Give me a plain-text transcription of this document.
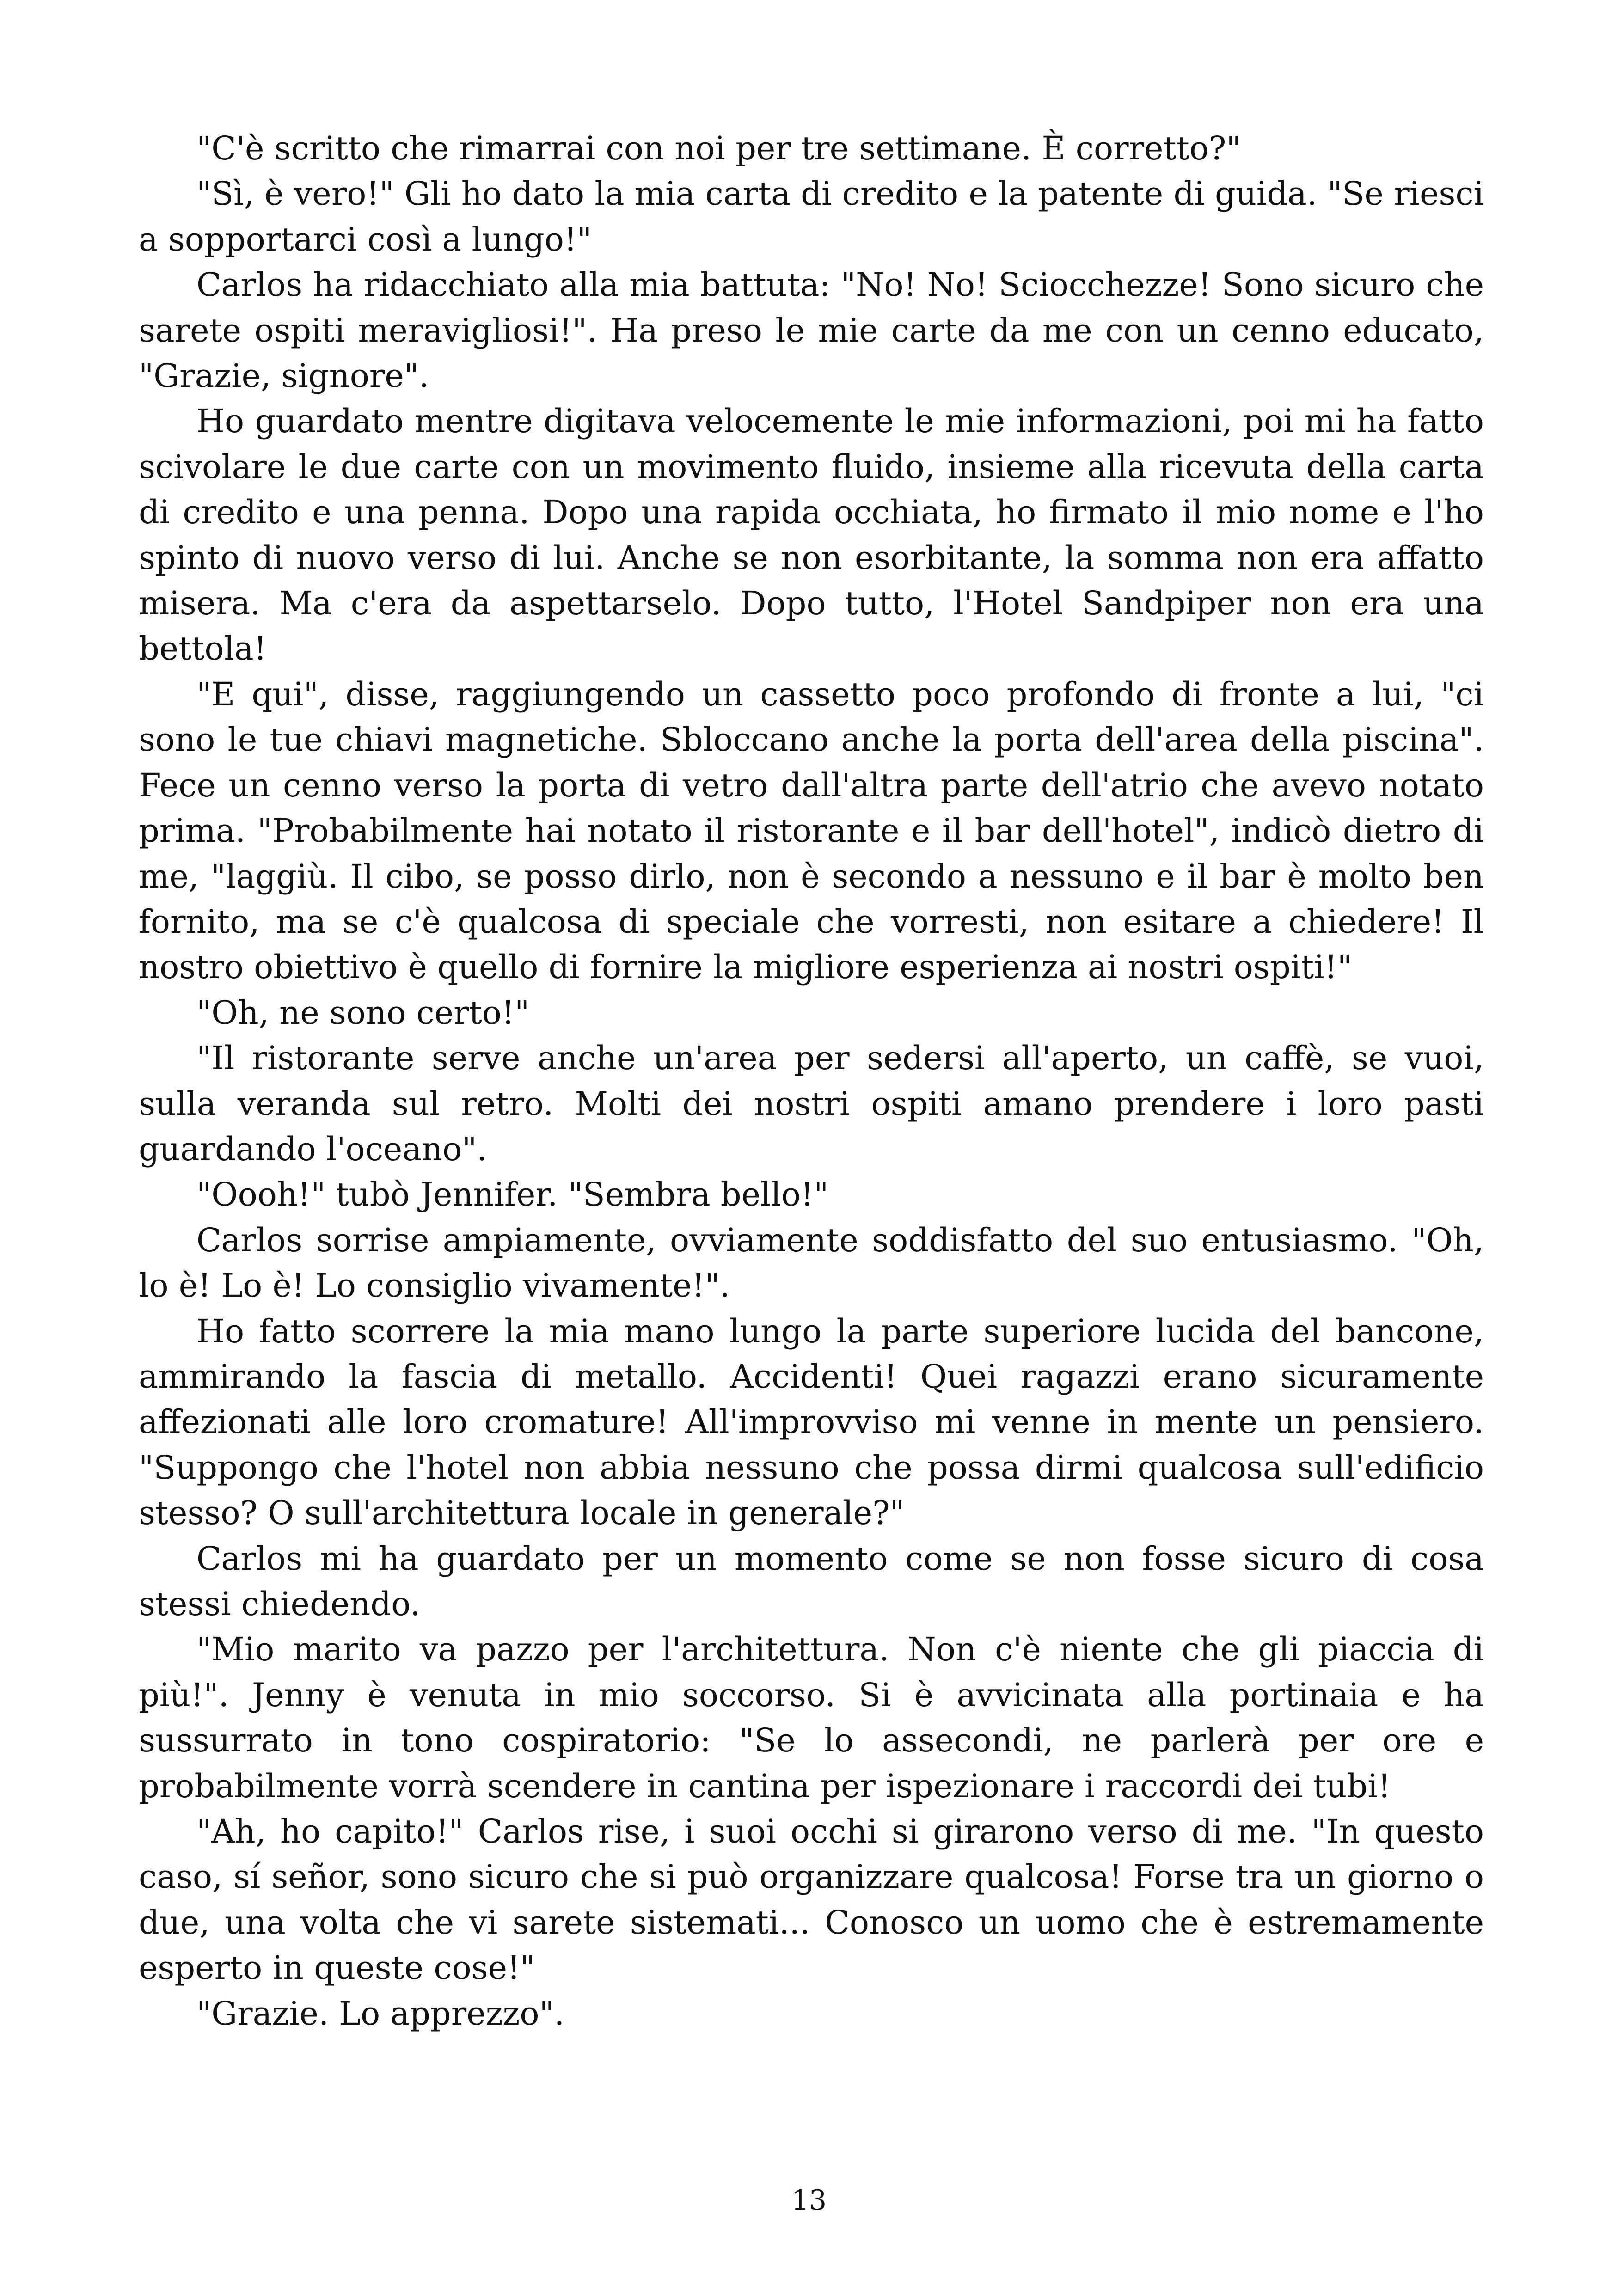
"C'è scritto che rimarrai con noi per tre settimane. È corretto?"

"Sì, è vero!" Gli ho dato la mia carta di credito e la patente di guida. "Se riesci a sopportarci così a lungo!"

Carlos ha ridacchiato alla mia battuta: "No! No! Sciocchezze! Sono sicuro che sarete ospiti meravigliosi!". Ha preso le mie carte da me con un cenno educato, "Grazie, signore".

Ho guardato mentre digitava velocemente le mie informazioni, poi mi ha fatto scivolare le due carte con un movimento fluido, insieme alla ricevuta della carta di credito e una penna. Dopo una rapida occhiata, ho firmato il mio nome e l'ho spinto di nuovo verso di lui. Anche se non esorbitante, la somma non era affatto misera. Ma c'era da aspettarselo. Dopo tutto, l'Hotel Sandpiper non era una bettola!

"E qui", disse, raggiungendo un cassetto poco profondo di fronte a lui, "ci sono le tue chiavi magnetiche. Sbloccano anche la porta dell'area della piscina". Fece un cenno verso la porta di vetro dall'altra parte dell'atrio che avevo notato prima. "Probabilmente hai notato il ristorante e il bar dell'hotel", indicò dietro di me, "laggiù. Il cibo, se posso dirlo, non è secondo a nessuno e il bar è molto ben fornito, ma se c'è qualcosa di speciale che vorresti, non esitare a chiedere! Il nostro obiettivo è quello di fornire la migliore esperienza ai nostri ospiti!"

"Oh, ne sono certo!"

"Il ristorante serve anche un'area per sedersi all'aperto, un caffè, se vuoi, sulla veranda sul retro. Molti dei nostri ospiti amano prendere i loro pasti guardando l'oceano".

"Oooh!" tubò Jennifer. "Sembra bello!"

Carlos sorrise ampiamente, ovviamente soddisfatto del suo entusiasmo. "Oh, lo è! Lo è! Lo consiglio vivamente!".

Ho fatto scorrere la mia mano lungo la parte superiore lucida del bancone, ammirando la fascia di metallo. Accidenti! Quei ragazzi erano sicuramente affezionati alle loro cromature! All'improvviso mi venne in mente un pensiero. "Suppongo che l'hotel non abbia nessuno che possa dirmi qualcosa sull'edificio stesso? O sull'architettura locale in generale?"

Carlos mi ha guardato per un momento come se non fosse sicuro di cosa stessi chiedendo.

"Mio marito va pazzo per l'architettura. Non c'è niente che gli piaccia di più!". Jenny è venuta in mio soccorso. Si è avvicinata alla portinaia e ha sussurrato in tono cospiratorio: "Se lo assecondi, ne parlerà per ore e probabilmente vorrà scendere in cantina per ispezionare i raccordi dei tubi!

"Ah, ho capito!" Carlos rise, i suoi occhi si girarono verso di me. "In questo caso, sí señor, sono sicuro che si può organizzare qualcosa! Forse tra un giorno o due, una volta che vi sarete sistemati... Conosco un uomo che è estremamente esperto in queste cose!"

"Grazie. Lo apprezzo".

13
